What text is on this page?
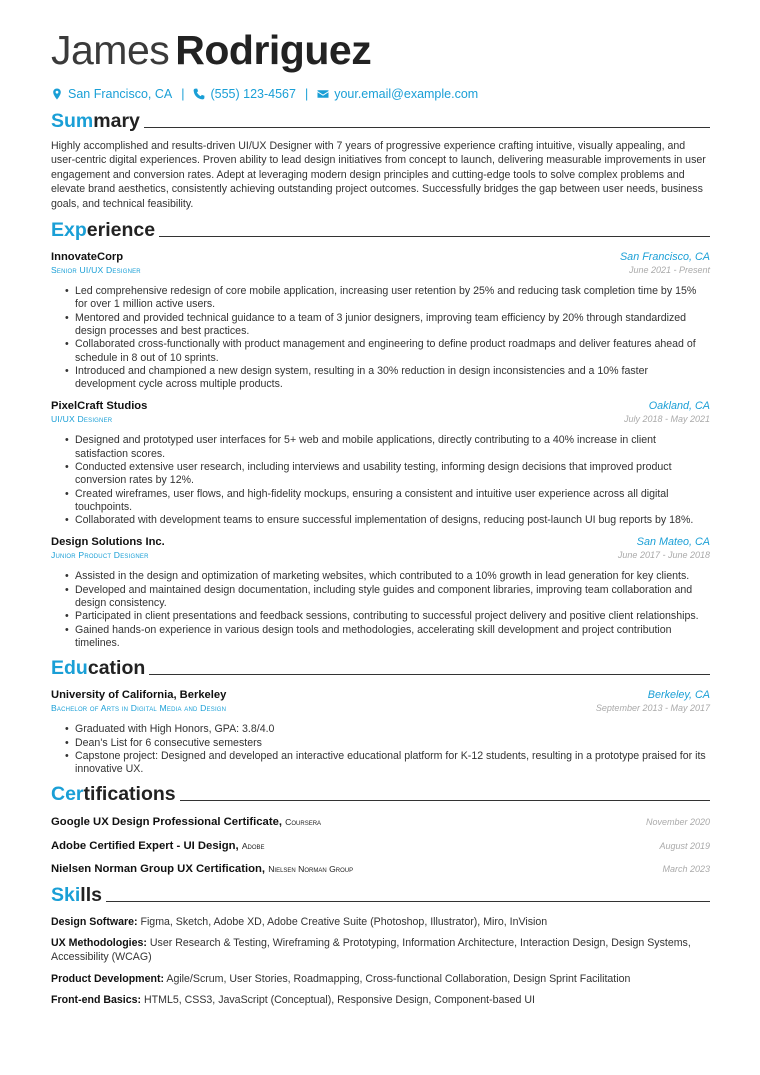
James Rodriguez
San Francisco, CA | (555) 123-4567 | your.email@example.com
Summary

Highly accomplished and results-driven UI/UX Designer with 7 years of progressive experience crafting intuitive, visually appealing, and user-centric digital experiences. Proven ability to lead design initiatives from concept to launch, delivering measurable improvements in user engagement and conversion rates. Adept at leveraging modern design principles and cutting-edge tools to solve complex problems and elevate brand aesthetics, consistently achieving outstanding project outcomes. Successfully bridges the gap between user needs, business goals, and technical feasibility.

Experience
InnovateCorp	San Francisco, CA
Senior UI/UX Designer	June 2021 - Present
• Led comprehensive redesign of core mobile application, increasing user retention by 25% and reducing task completion time by 15% for over 1 million active users.
• Mentored and provided technical guidance to a team of 3 junior designers, improving team efficiency by 20% through standardized design processes and best practices.
• Collaborated cross-functionally with product management and engineering to define product roadmaps and deliver features ahead of schedule in 8 out of 10 sprints.
• Introduced and championed a new design system, resulting in a 30% reduction in design inconsistencies and a 10% faster development cycle across multiple products.
PixelCraft Studios	Oakland, CA
UI/UX Designer	July 2018 - May 2021
• Designed and prototyped user interfaces for 5+ web and mobile applications, directly contributing to a 40% increase in client satisfaction scores.
• Conducted extensive user research, including interviews and usability testing, informing design decisions that improved product conversion rates by 12%.
• Created wireframes, user flows, and high-fidelity mockups, ensuring a consistent and intuitive user experience across all digital touchpoints.
• Collaborated with development teams to ensure successful implementation of designs, reducing post-launch UI bug reports by 18%.
Design Solutions Inc.	San Mateo, CA
Junior Product Designer	June 2017 - June 2018
• Assisted in the design and optimization of marketing websites, which contributed to a 10% growth in lead generation for key clients.
• Developed and maintained design documentation, including style guides and component libraries, improving team collaboration and design consistency.
• Participated in client presentations and feedback sessions, contributing to successful project delivery and positive client relationships.
• Gained hands-on experience in various design tools and methodologies, accelerating skill development and project contribution timelines.
Education
University of California, Berkeley	Berkeley, CA
Bachelor of Arts in Digital Media and Design	September 2013 - May 2017
• Graduated with High Honors, GPA: 3.8/4.0
• Dean's List for 6 consecutive semesters
• Capstone project: Designed and developed an interactive educational platform for K-12 students, resulting in a prototype praised for its innovative UX.
Certifications
Google UX Design Professional Certificate, Coursera	November 2020
Adobe Certified Expert - UI Design, Adobe	August 2019
Nielsen Norman Group UX Certification, Nielsen Norman Group	March 2023
Skills

Design Software: Figma, Sketch, Adobe XD, Adobe Creative Suite (Photoshop, Illustrator), Miro, InVision

UX Methodologies: User Research & Testing, Wireframing & Prototyping, Information Architecture, Interaction Design, Design Systems, Accessibility (WCAG)

Product Development: Agile/Scrum, User Stories, Roadmapping, Cross-functional Collaboration, Design Sprint Facilitation

Front-end Basics: HTML5, CSS3, JavaScript (Conceptual), Responsive Design, Component-based UI
